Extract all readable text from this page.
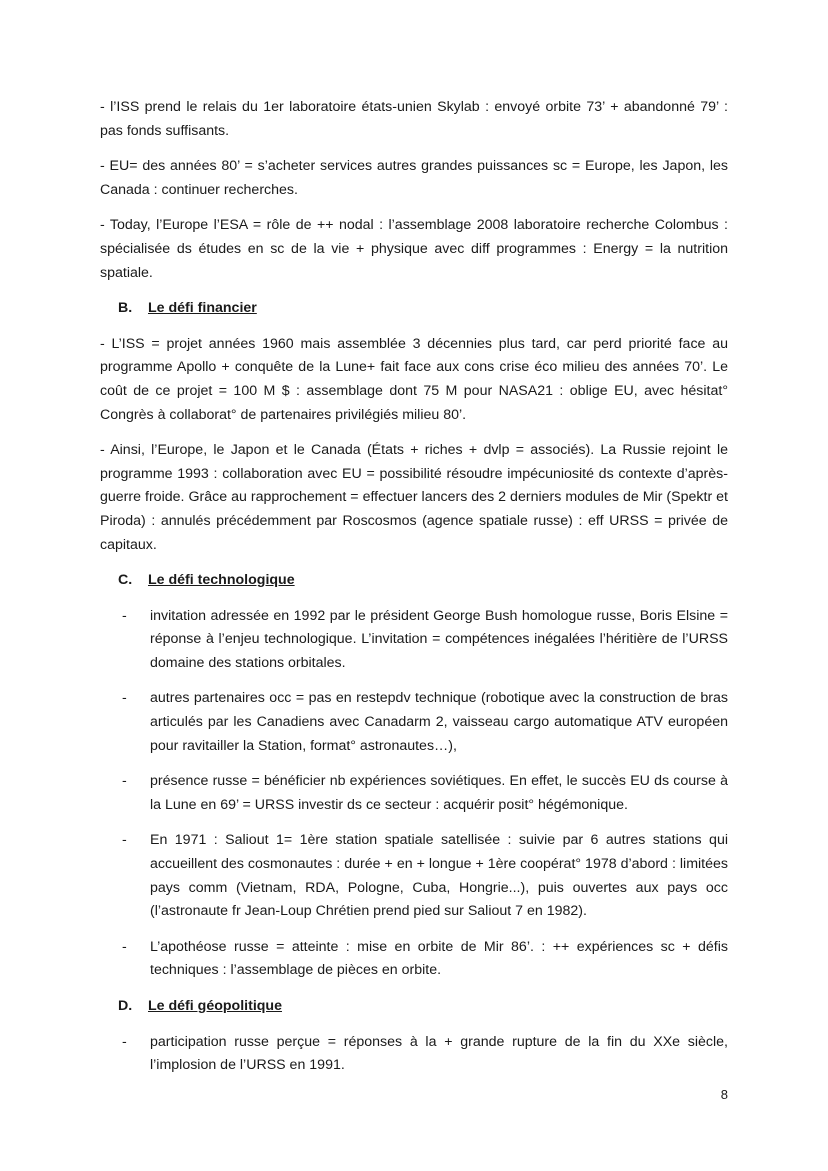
- l’ISS prend le relais du 1er laboratoire états-unien Skylab : envoyé orbite 73’ + abandonné 79’ : pas fonds suffisants.

- EU= des années 80’ = s’acheter services autres grandes puissances sc = Europe, les Japon, les Canada : continuer recherches.

- Today, l’Europe l’ESA = rôle de ++ nodal : l’assemblage 2008 laboratoire recherche Colombus : spécialisée ds études en sc de la vie + physique avec diff programmes : Energy = la nutrition spatiale.

B. Le défi financier

- L’ISS = projet années 1960 mais assemblée 3 décennies plus tard, car perd priorité face au programme Apollo + conquête de la Lune+ fait face aux cons crise éco milieu des années 70’. Le coût de ce projet = 100 M $ : assemblage dont 75 M pour NASA21 : oblige EU, avec hésitat° Congrès à collaborat° de partenaires privilégiés milieu 80’.

- Ainsi, l’Europe, le Japon et le Canada (États + riches + dvlp = associés). La Russie rejoint le programme 1993 : collaboration avec EU = possibilité résoudre impécuniosité ds contexte d’après-guerre froide. Grâce au rapprochement = effectuer lancers des 2 derniers modules de Mir (Spektr et Piroda) : annulés précédemment par Roscosmos (agence spatiale russe) : eff URSS = privée de capitaux.

C. Le défi technologique
- invitation adressée en 1992 par le président George Bush homologue russe, Boris Elsine = réponse à l’enjeu technologique. L’invitation = compétences inégalées l’héritière de l’URSS domaine des stations orbitales.
- autres partenaires occ = pas en restepdv technique (robotique avec la construction de bras articulés par les Canadiens avec Canadarm 2, vaisseau cargo automatique ATV européen pour ravitailler la Station, format° astronautes…),
- présence russe = bénéficier nb expériences soviétiques. En effet, le succès EU ds course à la Lune en 69’ = URSS investir ds ce secteur : acquérir posit° hégémonique.
- En 1971 : Saliout 1= 1ère station spatiale satellisée : suivie par 6 autres stations qui accueillent des cosmonautes : durée + en + longue + 1ère coopérat° 1978 d’abord : limitées pays comm (Vietnam, RDA, Pologne, Cuba, Hongrie...), puis ouvertes aux pays occ (l’astronaute fr Jean-Loup Chrétien prend pied sur Saliout 7 en 1982).
- L’apothéose russe = atteinte : mise en orbite de Mir 86’. : ++ expériences sc + défis techniques : l’assemblage de pièces en orbite.
D. Le défi géopolitique
- participation russe perçue = réponses à la + grande rupture de la fin du XXe siècle, l’implosion de l’URSS en 1991.
8
